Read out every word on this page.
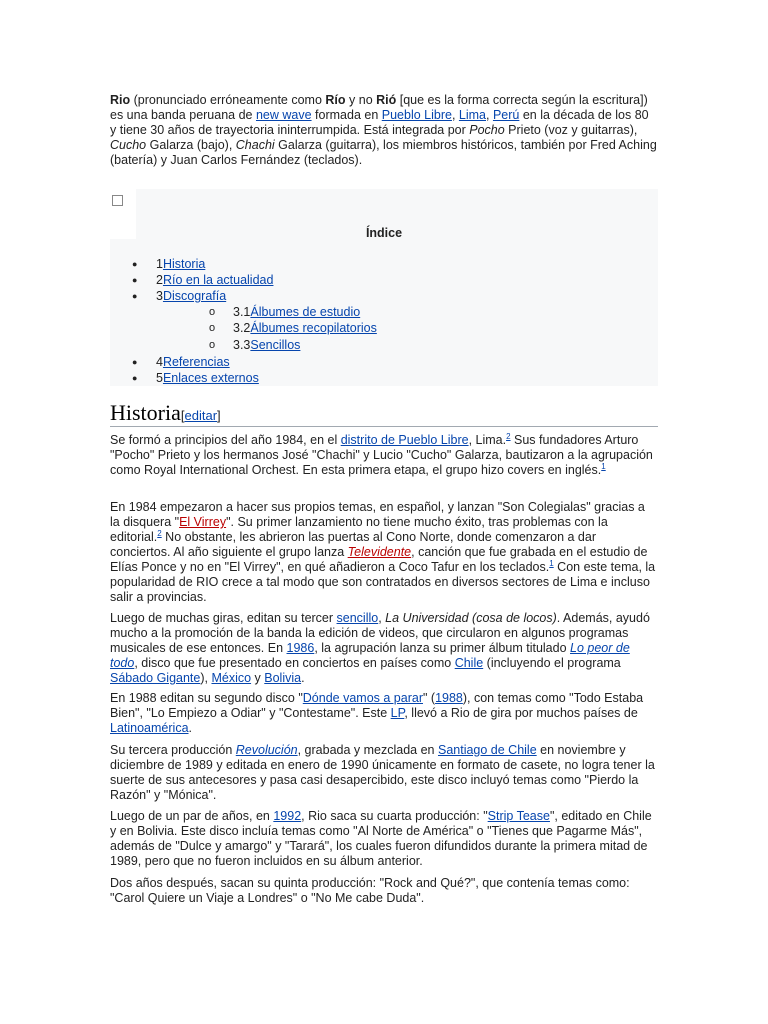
Rio (pronunciado erróneamente como Río y no Rió [que es la forma correcta según la escritura]) es una banda peruana de new wave formada en Pueblo Libre, Lima, Perú en la década de los 80 y tiene 30 años de trayectoria ininterrumpida. Está integrada por Pocho Prieto (voz y guitarras), Cucho Galarza (bajo), Chachi Galarza (guitarra), los miembros históricos, también por Fred Aching (batería) y Juan Carlos Fernández (teclados).

Índice
● 1Historia
● 2Río en la actualidad
● 3Discografía
o 3.1Álbumes de estudio
o 3.2Álbumes recopilatorios
o 3.3Sencillos
● 4Referencias
● 5Enlaces externos
Historia[editar]

Se formó a principios del año 1984, en el distrito de Pueblo Libre, Lima.$^2$ Sus fundadores Arturo "Pocho" Prieto y los hermanos José "Chachi" y Lucio "Cucho" Galarza, bautizaron a la agrupación como Royal International Orchest. En esta primera etapa, el grupo hizo covers en inglés.$^1$

En 1984 empezaron a hacer sus propios temas, en español, y lanzan "Son Colegialas" gracias a la disquera "El Virrey". Su primer lanzamiento no tiene mucho éxito, tras problemas con la editorial.$^2$ No obstante, les abrieron las puertas al Cono Norte, donde comenzaron a dar conciertos. Al año siguiente el grupo lanza Televidente, canción que fue grabada en el estudio de Elías Ponce y no en "El Virrey", en qué añadieron a Coco Tafur en los teclados.$^1$ Con este tema, la popularidad de RIO crece a tal modo que son contratados en diversos sectores de Lima e incluso salir a provincias.

Luego de muchas giras, editan su tercer sencillo, La Universidad (cosa de locos). Además, ayudó mucho a la promoción de la banda la edición de videos, que circularon en algunos programas musicales de ese entonces. En 1986, la agrupación lanza su primer álbum titulado Lo peor de todo, disco que fue presentado en conciertos en países como Chile (incluyendo el programa Sábado Gigante), México y Bolivia.

En 1988 editan su segundo disco "Dónde vamos a parar" (1988), con temas como "Todo Estaba Bien", "Lo Empiezo a Odiar" y "Contestame". Este LP, llevó a Rio de gira por muchos países de Latinoamérica.

Su tercera producción Revolución, grabada y mezclada en Santiago de Chile en noviembre y diciembre de 1989 y editada en enero de 1990 únicamente en formato de casete, no logra tener la suerte de sus antecesores y pasa casi desapercibido, este disco incluyó temas como "Pierdo la Razón" y "Mónica".

Luego de un par de años, en 1992, Rio saca su cuarta producción: "Strip Tease", editado en Chile y en Bolivia. Este disco incluía temas como "Al Norte de América" o "Tienes que Pagarme Más", además de "Dulce y amargo" y "Tarará", los cuales fueron difundidos durante la primera mitad de 1989, pero que no fueron incluidos en su álbum anterior.

Dos años después, sacan su quinta producción: "Rock and Qué?", que contenía temas como: "Carol Quiere un Viaje a Londres" o "No Me cabe Duda".
